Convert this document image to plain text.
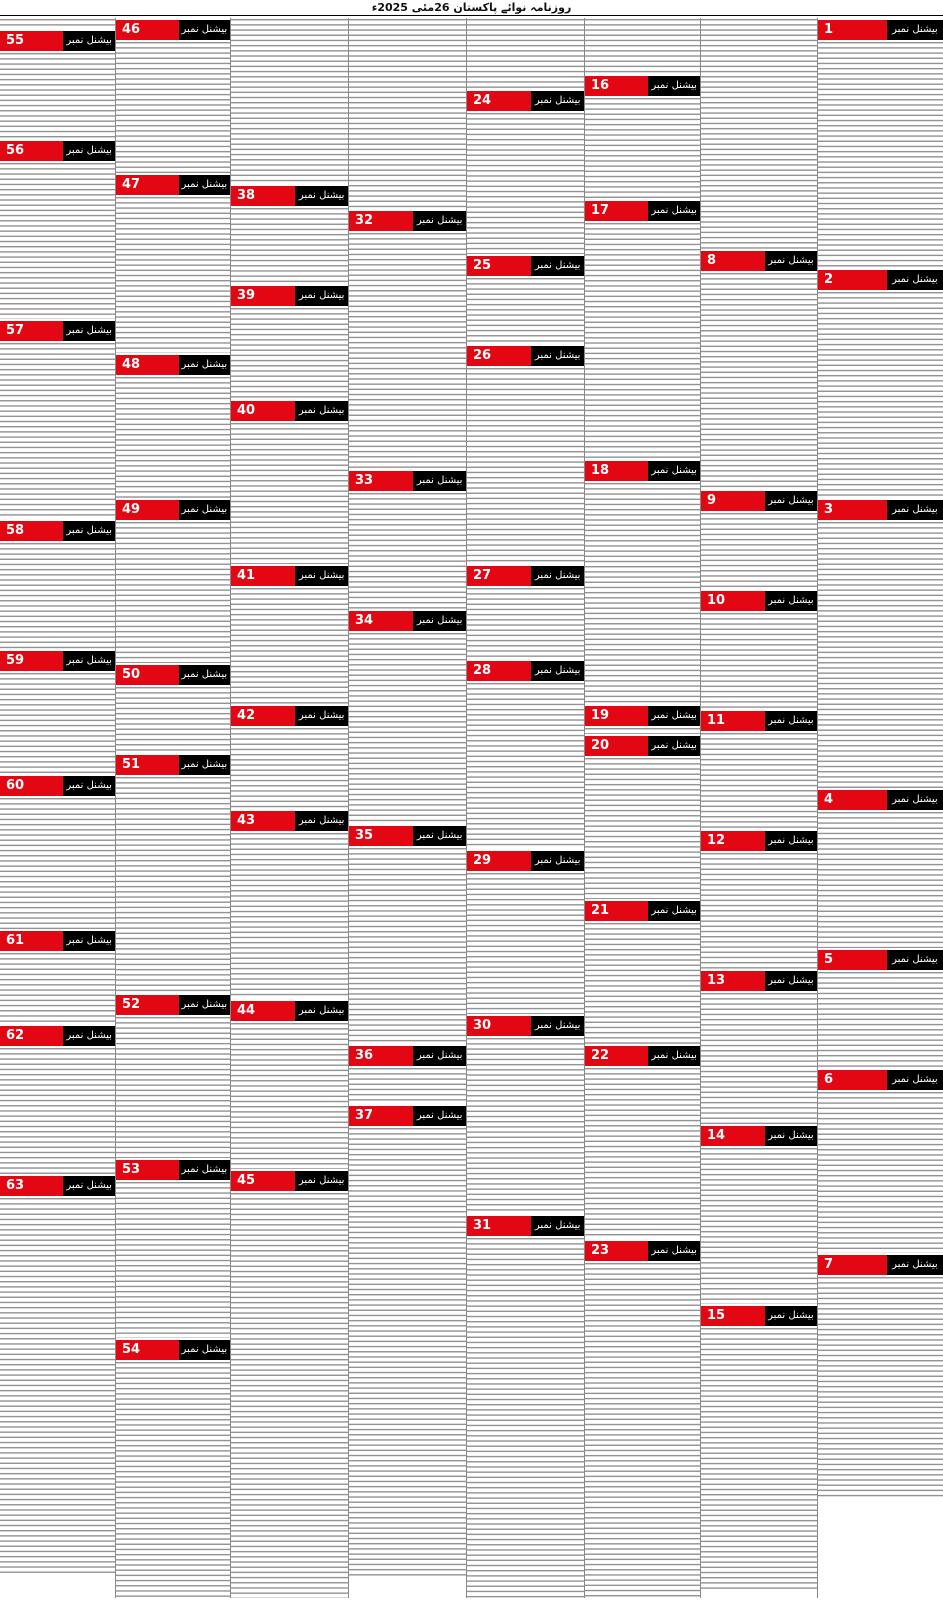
روزنامہ نوائے پاکستان 26مئی 2025ء
1	بیشنل نمبر
2	بیشنل نمبر
3	بیشنل نمبر
4	بیشنل نمبر
5	بیشنل نمبر
6	بیشنل نمبر
7	بیشنل نمبر
8	بیشنل نمبر
9	بیشنل نمبر
10	بیشنل نمبر
11	بیشنل نمبر
12	بیشنل نمبر
13	بیشنل نمبر
14	بیشنل نمبر
15	بیشنل نمبر
16	بیشنل نمبر
17	بیشنل نمبر
18	بیشنل نمبر
19	بیشنل نمبر
20	بیشنل نمبر
21	بیشنل نمبر
22	بیشنل نمبر
23	بیشنل نمبر
24	بیشنل نمبر
25	بیشنل نمبر
26	بیشنل نمبر
27	بیشنل نمبر
28	بیشنل نمبر
29	بیشنل نمبر
30	بیشنل نمبر
31	بیشنل نمبر
32	بیشنل نمبر
33	بیشنل نمبر
34	بیشنل نمبر
35	بیشنل نمبر
36	بیشنل نمبر
37	بیشنل نمبر
38	بیشنل نمبر
39	بیشنل نمبر
40	بیشنل نمبر
41	بیشنل نمبر
42	بیشنل نمبر
43	بیشنل نمبر
44	بیشنل نمبر
45	بیشنل نمبر
46	بیشنل نمبر
47	بیشنل نمبر
48	بیشنل نمبر
49	بیشنل نمبر
50	بیشنل نمبر
51	بیشنل نمبر
52	بیشنل نمبر
53	بیشنل نمبر
54	بیشنل نمبر
55	بیشنل نمبر
56	بیشنل نمبر
57	بیشنل نمبر
58	بیشنل نمبر
59	بیشنل نمبر
60	بیشنل نمبر
61	بیشنل نمبر
62	بیشنل نمبر
63	بیشنل نمبر
